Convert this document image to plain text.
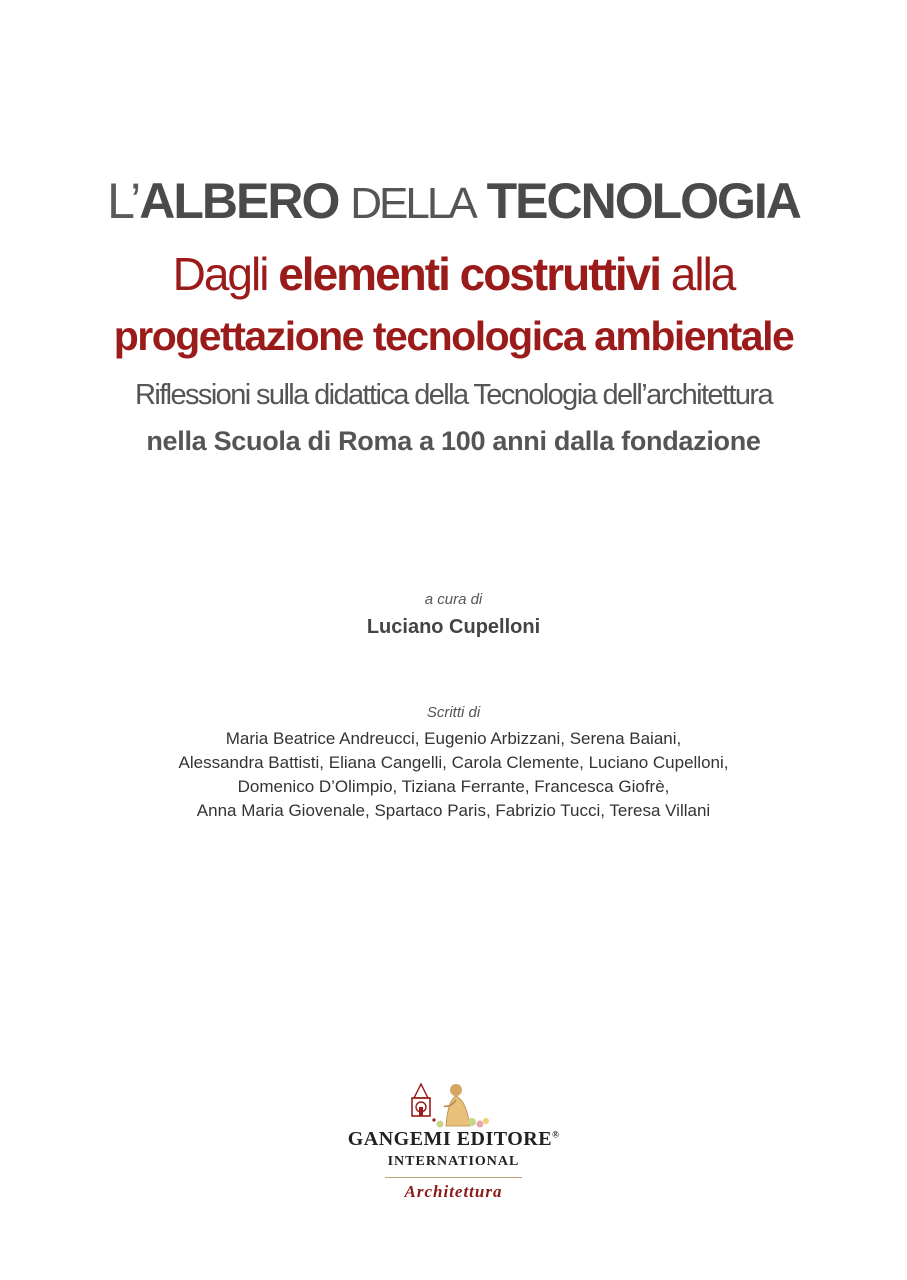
L’ALBERO DELLA TECNOLOGIA
Dagli elementi costruttivi alla
progettazione tecnologica ambientale
Riflessioni sulla didattica della Tecnologia dell’architettura
nella Scuola di Roma a 100 anni dalla fondazione
a cura di
Luciano Cupelloni
Scritti di
Maria Beatrice Andreucci, Eugenio Arbizzani, Serena Baiani,
Alessandra Battisti, Eliana Cangelli, Carola Clemente, Luciano Cupelloni,
Domenico D’Olimpio, Tiziana Ferrante, Francesca Giofrè,
Anna Maria Giovenale, Spartaco Paris, Fabrizio Tucci, Teresa Villani
GANGEMI EDITORE®
INTERNATIONAL
Architettura
